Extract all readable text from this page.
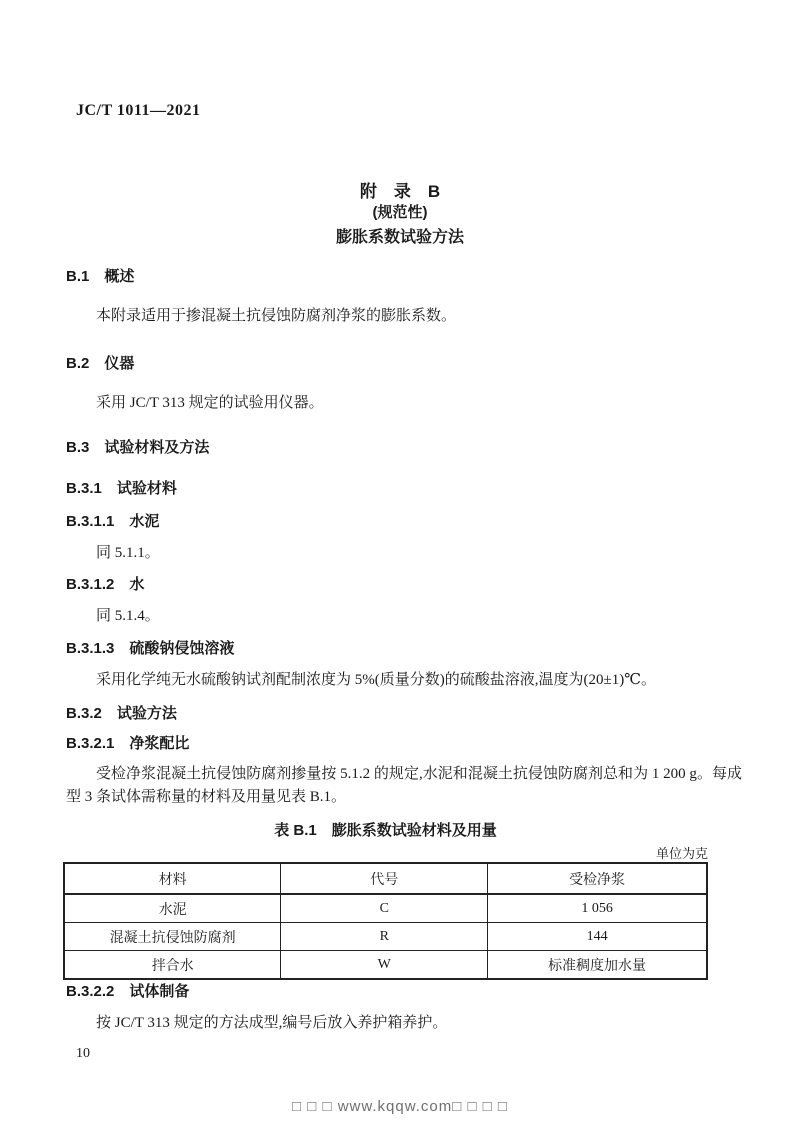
JC/T 1011—2021
附　录　B
(规范性)
膨胀系数试验方法
B.1　概述
本附录适用于掺混凝土抗侵蚀防腐剂净浆的膨胀系数。
B.2　仪器
采用 JC/T 313 规定的试验用仪器。
B.3　试验材料及方法
B.3.1　试验材料
B.3.1.1　水泥
同 5.1.1。
B.3.1.2　水
同 5.1.4。
B.3.1.3　硫酸钠侵蚀溶液
采用化学纯无水硫酸钠试剂配制浓度为 5%(质量分数)的硫酸盐溶液,温度为(20±1)℃。
B.3.2　试验方法
B.3.2.1　净浆配比
受检净浆混凝土抗侵蚀防腐剂掺量按 5.1.2 的规定,水泥和混凝土抗侵蚀防腐剂总和为 1 200 g。每成型 3 条试体需称量的材料及用量见表 B.1。
表 B.1　膨胀系数试验材料及用量
单位为克
材料	代号	受检净浆
水泥	C	1 056
混凝土抗侵蚀防腐剂	R	144
拌合水	W	标准稠度加水量
B.3.2.2　试体制备
按 JC/T 313 规定的方法成型,编号后放入养护箱养护。
10
□ □ □ www.kqqw.com□ □ □ □
